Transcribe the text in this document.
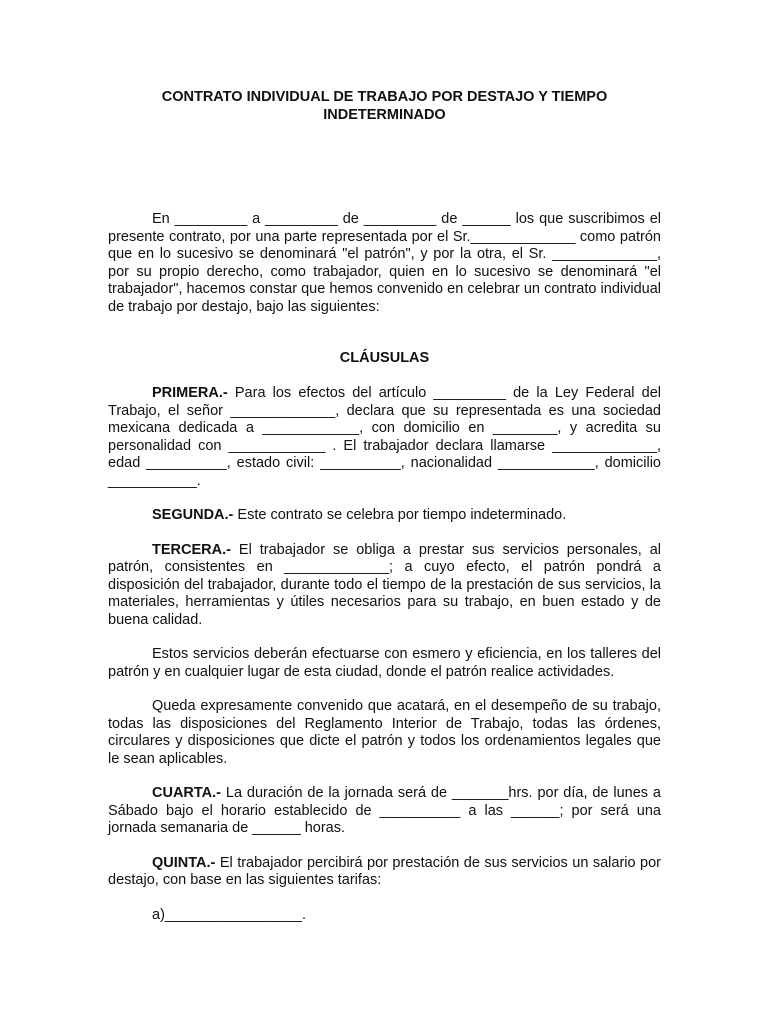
CONTRATO INDIVIDUAL DE TRABAJO POR DESTAJO Y TIEMPO
INDETERMINADO

En _________ a _________ de _________ de ______ los que suscribimos el presente contrato, por una parte representada por el Sr._____________ como patrón que en lo sucesivo se denominará "el patrón", y por la otra, el Sr. _____________, por su propio derecho, como trabajador, quien en lo sucesivo se denominará "el trabajador", hacemos constar que hemos convenido en celebrar un contrato individual de trabajo por destajo, bajo las siguientes:

CLÁUSULAS

PRIMERA.- Para los efectos del artículo _________ de la Ley Federal del Trabajo, el señor _____________, declara que su representada es una sociedad mexicana dedicada a ____________, con domicilio en ________, y acredita su personalidad con ____________ . El trabajador declara llamarse _____________, edad __________, estado civil: __________, nacionalidad ____________, domicilio ___________.

SEGUNDA.- Este contrato se celebra por tiempo indeterminado.

TERCERA.- El trabajador se obliga a prestar sus servicios personales, al patrón, consistentes en _____________; a cuyo efecto, el patrón pondrá a disposición del trabajador, durante todo el tiempo de la prestación de sus servicios, la materiales, herramientas y útiles necesarios para su trabajo, en buen estado y de buena calidad.

Estos servicios deberán efectuarse con esmero y eficiencia, en los talleres del patrón y en cualquier lugar de esta ciudad, donde el patrón realice actividades.

Queda expresamente convenido que acatará, en el desempeño de su trabajo, todas las disposiciones del Reglamento Interior de Trabajo, todas las órdenes, circulares y disposiciones que dicte el patrón y todos los ordenamientos legales que le sean aplicables.

CUARTA.- La duración de la jornada será de _______hrs. por día, de lunes a Sábado bajo el horario establecido de __________ a las ______; por será una jornada semanaria de ______ horas.

QUINTA.- El trabajador percibirá por prestación de sus servicios un salario por destajo, con base en las siguientes tarifas:

a)_________________.
